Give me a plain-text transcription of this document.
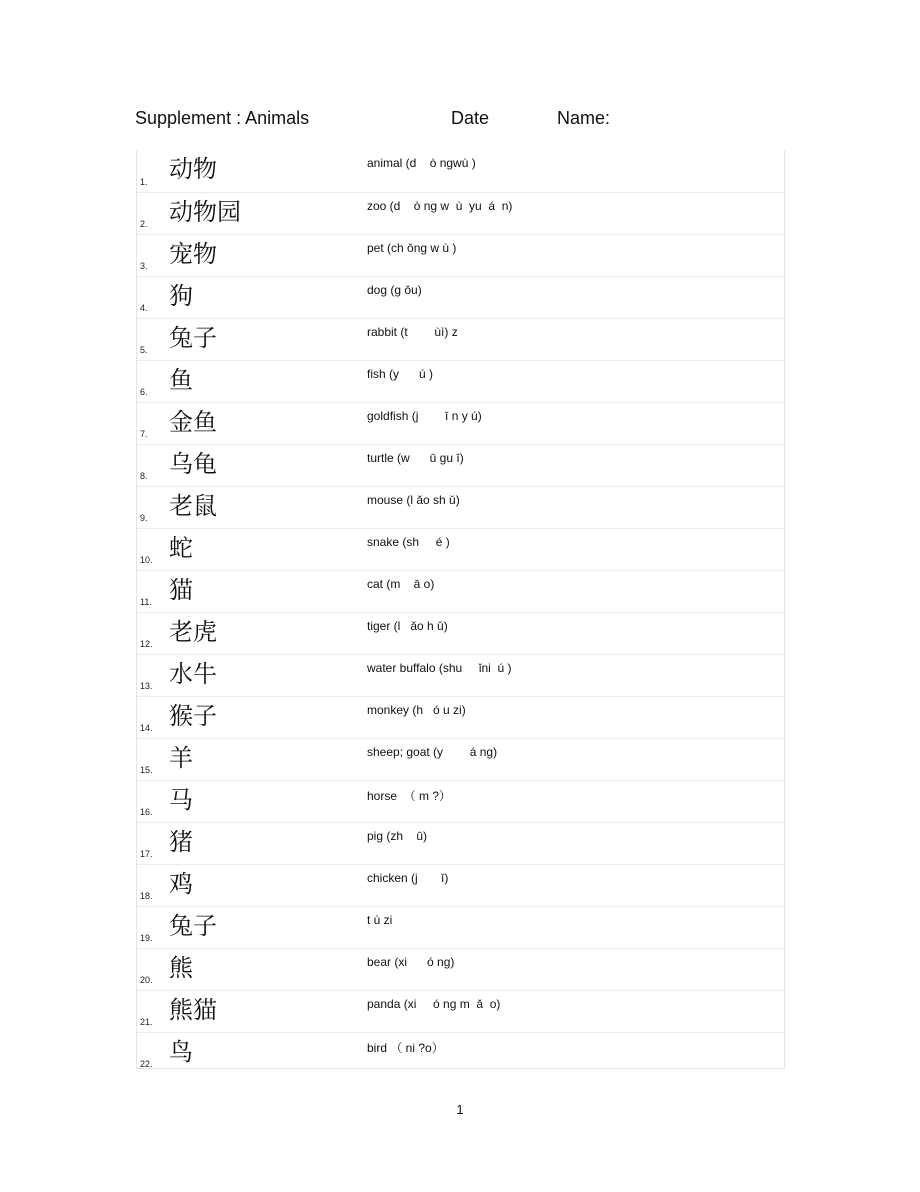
Supplement : Animals	Date	Name:
1. 动物	animal (d    ò ngwù )
2. 动物园	zoo (d    ò ng w  ù  yu  á  n)
3. 宠物	pet (ch ǒng w ù )
4. 狗	dog (g ǒu)
5. 兔子	rabbit (t        ùì) z
6. 鱼	fish (y      ú )
7. 金鱼	goldfish (j        ī n y ú)
8. 乌龟	turtle (w      ū gu ī)
9. 老鼠	mouse (l ǎo sh ǔ)
10. 蛇	snake (sh     é )
11. 猫	cat (m    ā o)
12. 老虎	tiger (l   ǎo h ǔ)
13. 水牛	water buffalo (shu     ǐni  ú )
14. 猴子	monkey (h   ó u zi)
15. 羊	sheep; goat (y        á ng)
16. 马	horse  （ m ?）
17. 猪	pig (zh    ū)
18. 鸡	chicken (j       ī)
19. 兔子	t ù zi
20. 熊	bear (xi      ó ng)
21. 熊猫	panda (xi     ó ng m  ǎ  o)
22. 鸟	bird （ ni ?o）
1
